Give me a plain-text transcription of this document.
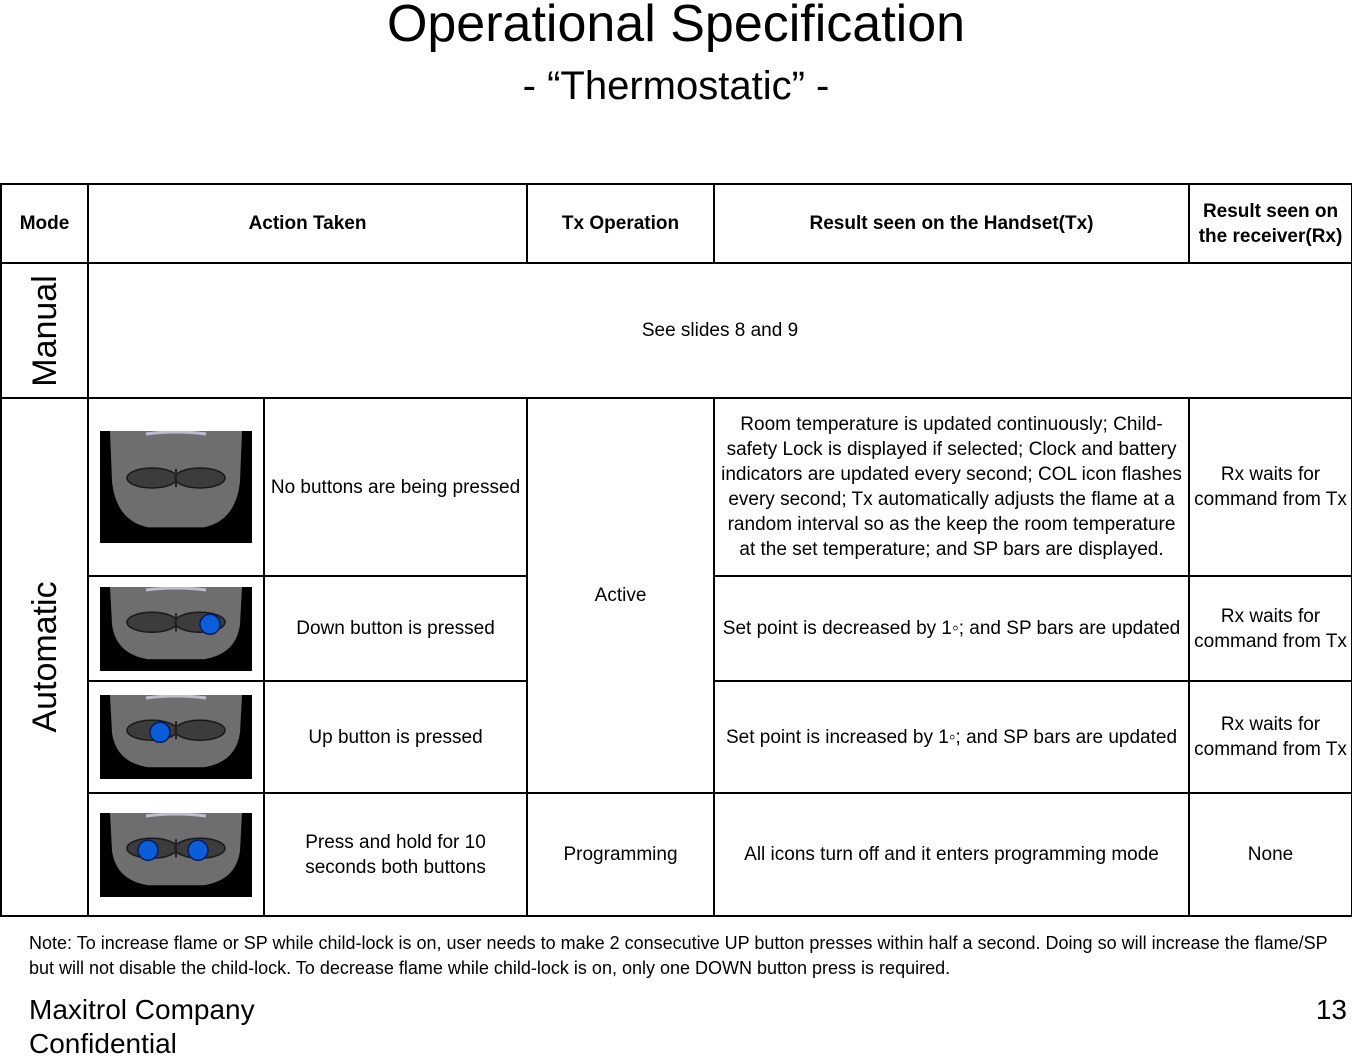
Operational Specification
- “Thermostatic” -
Mode	Action Taken		Tx Operation	Result seen on the Handset(Tx)	Result seen on the receiver(Rx)

Manual	See slides 8 and 9				

Automatic		No buttons are being pressed	Active	Room temperature is updated continuously; Child-safety Lock is displayed if selected; Clock and battery indicators are updated every second; COL icon flashes every second; Tx automatically adjusts the flame at a random interval so as the keep the room temperature at the set temperature; and SP bars are displayed.	Rx waits for command from Tx

	Down button is pressed		Set point is decreased by 1◦; and SP bars are updated	Rx waits for command from Tx

	Up button is pressed		Set point is increased by 1◦; and SP bars are updated	Rx waits for command from Tx

	Press and hold for 10 seconds both buttons	Programming	All icons turn off and it enters programming mode	None
Note: To increase flame or SP while child-lock is on, user needs to make 2 consecutive UP button presses within half a second. Doing so will increase the flame/SP but will not disable the child-lock. To decrease flame while child-lock is on, only one DOWN button press is required.
Maxitrol Company
Confidential
13
